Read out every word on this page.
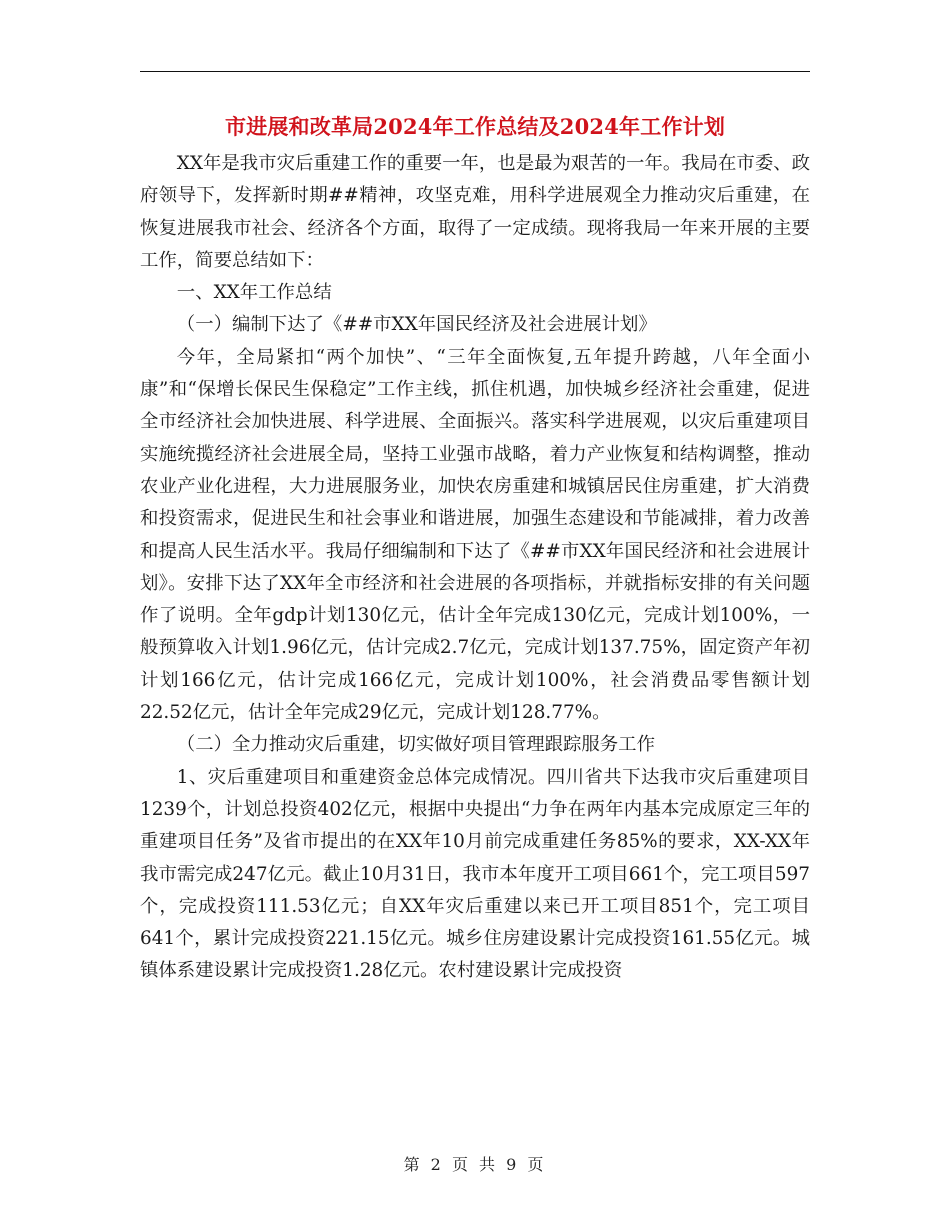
市进展和改革局2024年工作总结及2024年工作计划

XX年是我市灾后重建工作的重要一年，也是最为艰苦的一年。我局在市委、政府领导下，发挥新时期##精神，攻坚克难，用科学进展观全力推动灾后重建，在恢复进展我市社会、经济各个方面，取得了一定成绩。现将我局一年来开展的主要工作，简要总结如下：

一、XX年工作总结

（一）编制下达了《##市XX年国民经济及社会进展计划》

今年，全局紧扣“两个加快”、“三年全面恢复,五年提升跨越，八年全面小康”和“保增长保民生保稳定”工作主线，抓住机遇，加快城乡经济社会重建，促进全市经济社会加快进展、科学进展、全面振兴。落实科学进展观，以灾后重建项目实施统揽经济社会进展全局，坚持工业强市战略，着力产业恢复和结构调整，推动农业产业化进程，大力进展服务业，加快农房重建和城镇居民住房重建，扩大消费和投资需求，促进民生和社会事业和谐进展，加强生态建设和节能减排，着力改善和提高人民生活水平。我局仔细编制和下达了《##市XX年国民经济和社会进展计划》。安排下达了XX年全市经济和社会进展的各项指标，并就指标安排的有关问题作了说明。全年gdp计划130亿元，估计全年完成130亿元，完成计划100%，一般预算收入计划1.96亿元，估计完成2.7亿元，完成计划137.75%，固定资产年初计划166亿元，估计完成166亿元，完成计划100%，社会消费品零售额计划22.52亿元，估计全年完成29亿元，完成计划128.77%。

（二）全力推动灾后重建，切实做好项目管理跟踪服务工作

1、灾后重建项目和重建资金总体完成情况。四川省共下达我市灾后重建项目1239个，计划总投资402亿元，根据中央提出“力争在两年内基本完成原定三年的重建项目任务”及省市提出的在XX年10月前完成重建任务85%的要求，XX-XX年我市需完成247亿元。截止10月31日，我市本年度开工项目661个，完工项目597个，完成投资111.53亿元；自XX年灾后重建以来已开工项目851个，完工项目641个，累计完成投资221.15亿元。城乡住房建设累计完成投资161.55亿元。城镇体系建设累计完成投资1.28亿元。农村建设累计完成投资

第 2 页 共 9 页
